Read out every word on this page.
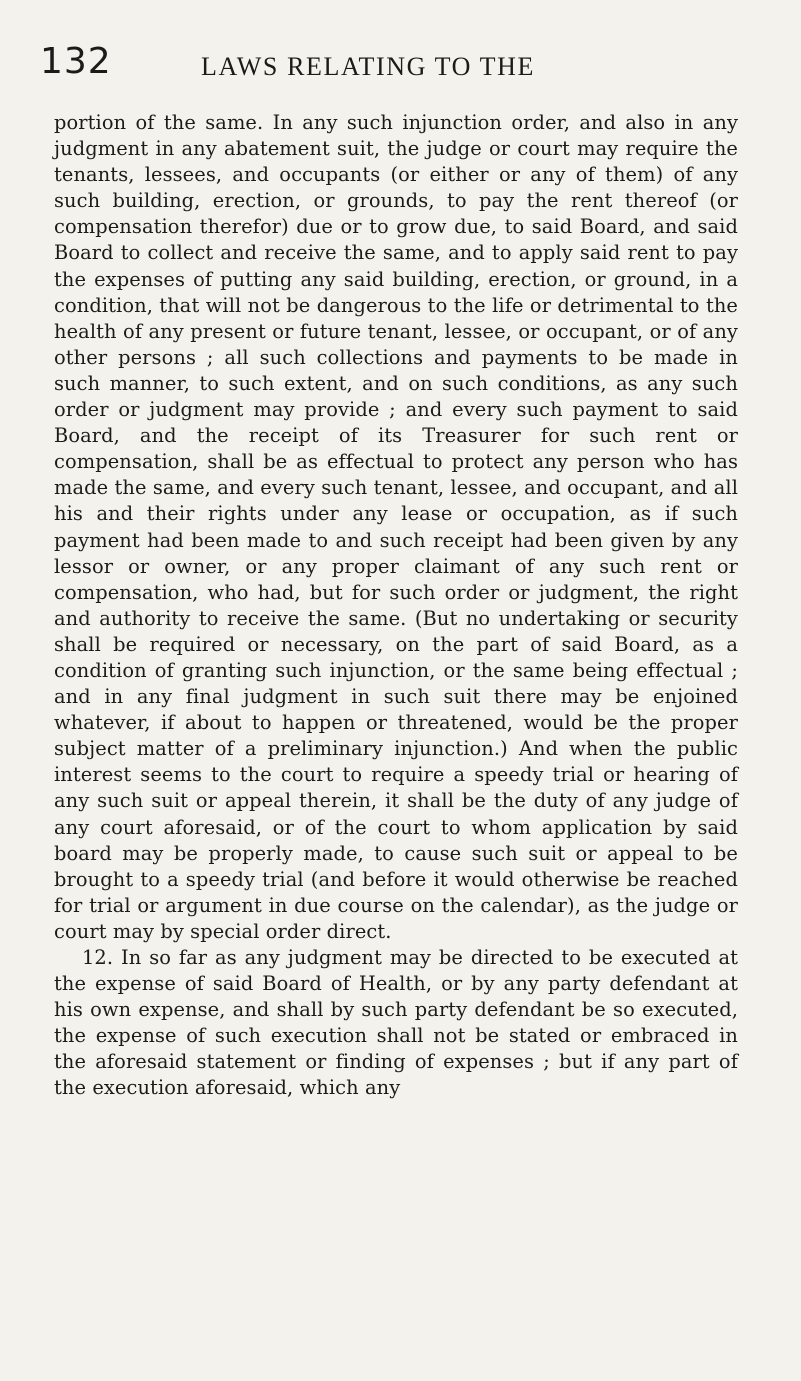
132	LAWS RELATING TO THE

portion of the same. In any such injunction order, and also in any judgment in any abatement suit, the judge or court may require the tenants, lessees, and occupants (or either or any of them) of any such building, erection, or grounds, to pay the rent thereof (or compensation therefor) due or to grow due, to said Board, and said Board to collect and receive the same, and to apply said rent to pay the expenses of putting any said building, erection, or ground, in a condition, that will not be dangerous to the life or detrimental to the health of any present or future tenant, lessee, or occupant, or of any other persons ; all such collections and payments to be made in such manner, to such extent, and on such conditions, as any such order or judgment may provide ; and every such payment to said Board, and the receipt of its Treasurer for such rent or compensation, shall be as effectual to protect any person who has made the same, and every such tenant, lessee, and occupant, and all his and their rights under any lease or occupation, as if such payment had been made to and such receipt had been given by any lessor or owner, or any proper claimant of any such rent or compensation, who had, but for such order or judgment, the right and authority to receive the same. (But no undertaking or security shall be required or necessary, on the part of said Board, as a condition of granting such injunction, or the same being effectual ; and in any final judgment in such suit there may be enjoined whatever, if about to happen or threatened, would be the proper subject matter of a preliminary injunction.) And when the public interest seems to the court to require a speedy trial or hearing of any such suit or appeal therein, it shall be the duty of any judge of any court aforesaid, or of the court to whom application by said board may be properly made, to cause such suit or appeal to be brought to a speedy trial (and before it would otherwise be reached for trial or argument in due course on the calendar), as the judge or court may by special order direct.

12. In so far as any judgment may be directed to be executed at the expense of said Board of Health, or by any party defendant at his own expense, and shall by such party defendant be so executed, the expense of such execution shall not be stated or embraced in the aforesaid statement or finding of expenses ; but if any part of the execution aforesaid, which any
